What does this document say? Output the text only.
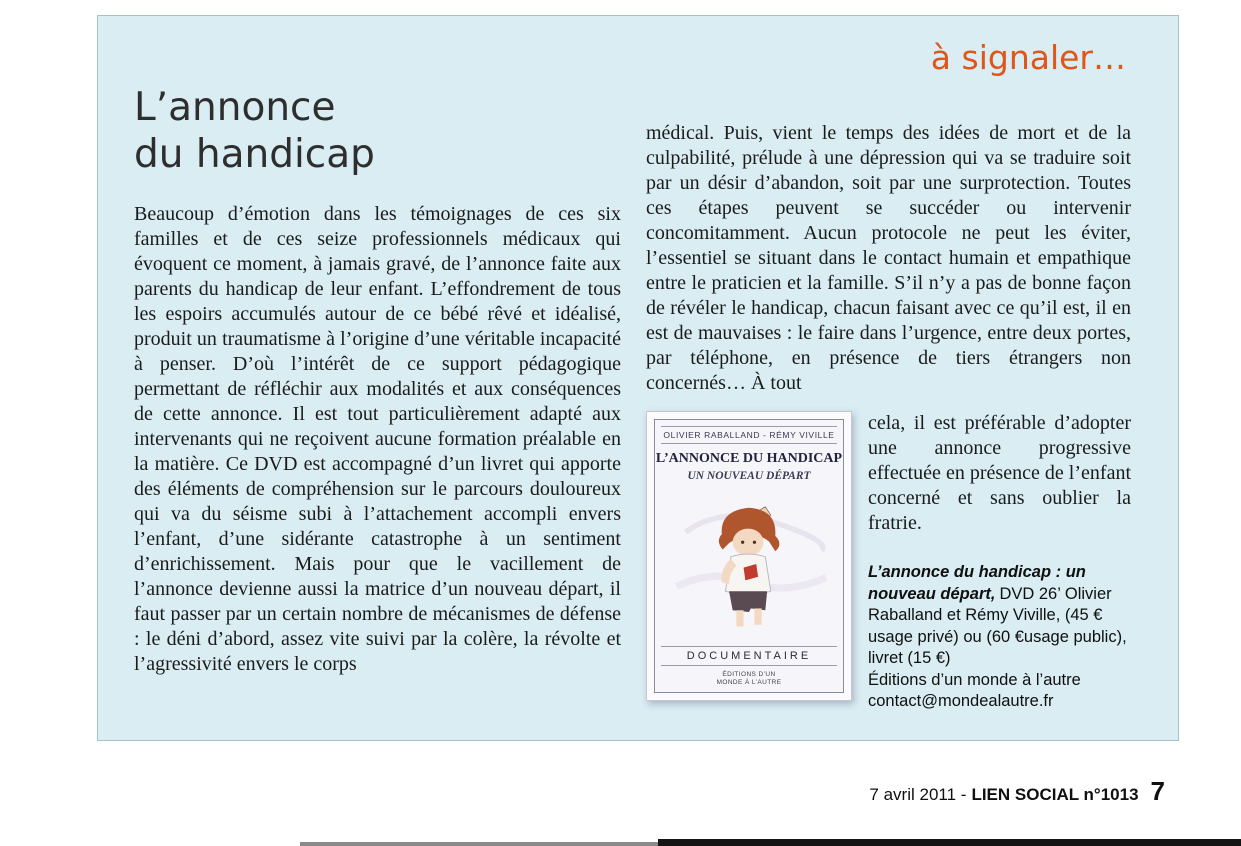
à signaler…
L’annonce
du handicap

Beaucoup d’émotion dans les témoignages de ces six familles et de ces seize professionnels médicaux qui évoquent ce moment, à jamais gravé, de l’annonce faite aux parents du handicap de leur enfant. L’effondrement de tous les espoirs accumulés autour de ce bébé rêvé et idéalisé, produit un traumatisme à l’origine d’une véritable incapacité à penser. D’où l’intérêt de ce support pédagogique permettant de réfléchir aux modalités et aux conséquences de cette annonce. Il est tout particulièrement adapté aux intervenants qui ne reçoivent aucune formation préalable en la matière. Ce DVD est accompagné d’un livret qui apporte des éléments de compréhension sur le parcours douloureux qui va du séisme subi à l’attachement accompli envers l’enfant, d’une sidérante catastrophe à un sentiment d’enrichissement. Mais pour que le vacillement de l’annonce devienne aussi la matrice d’un nouveau départ, il faut passer par un certain nombre de mécanismes de défense : le déni d’abord, assez vite suivi par la colère, la révolte et l’agressivité envers le corps

médical. Puis, vient le temps des idées de mort et de la culpabilité, prélude à une dépression qui va se traduire soit par un désir d’abandon, soit par une surprotection. Toutes ces étapes peuvent se succéder ou intervenir concomitamment. Aucun protocole ne peut les éviter, l’essentiel se situant dans le contact humain et empathique entre le praticien et la famille. S’il n’y a pas de bonne façon de révéler le handicap, chacun faisant avec ce qu’il est, il en est de mauvaises : le faire dans l’urgence, entre deux portes, par téléphone, en présence de tiers étrangers non concernés… À tout

OLIVIER RABALLAND - RÉMY VIVILLE
L’ANNONCE DU HANDICAP
UN NOUVEAU DÉPART
DOCUMENTAIRE
ÉDITIONS D’UN MONDE À L’AUTRE

cela, il est préférable d’adopter une annonce progressive effectuée en présence de l’enfant concerné et sans oublier la fratrie.

L’annonce du handicap : un nouveau départ, DVD 26’ Olivier Raballand et Rémy Viville, (45 € usage privé) ou (60 €usage public), livret (15 €)
Éditions d’un monde à l’autre
contact@mondealautre.fr

7 avril 2011 - LIEN SOCIAL n°1013 7
